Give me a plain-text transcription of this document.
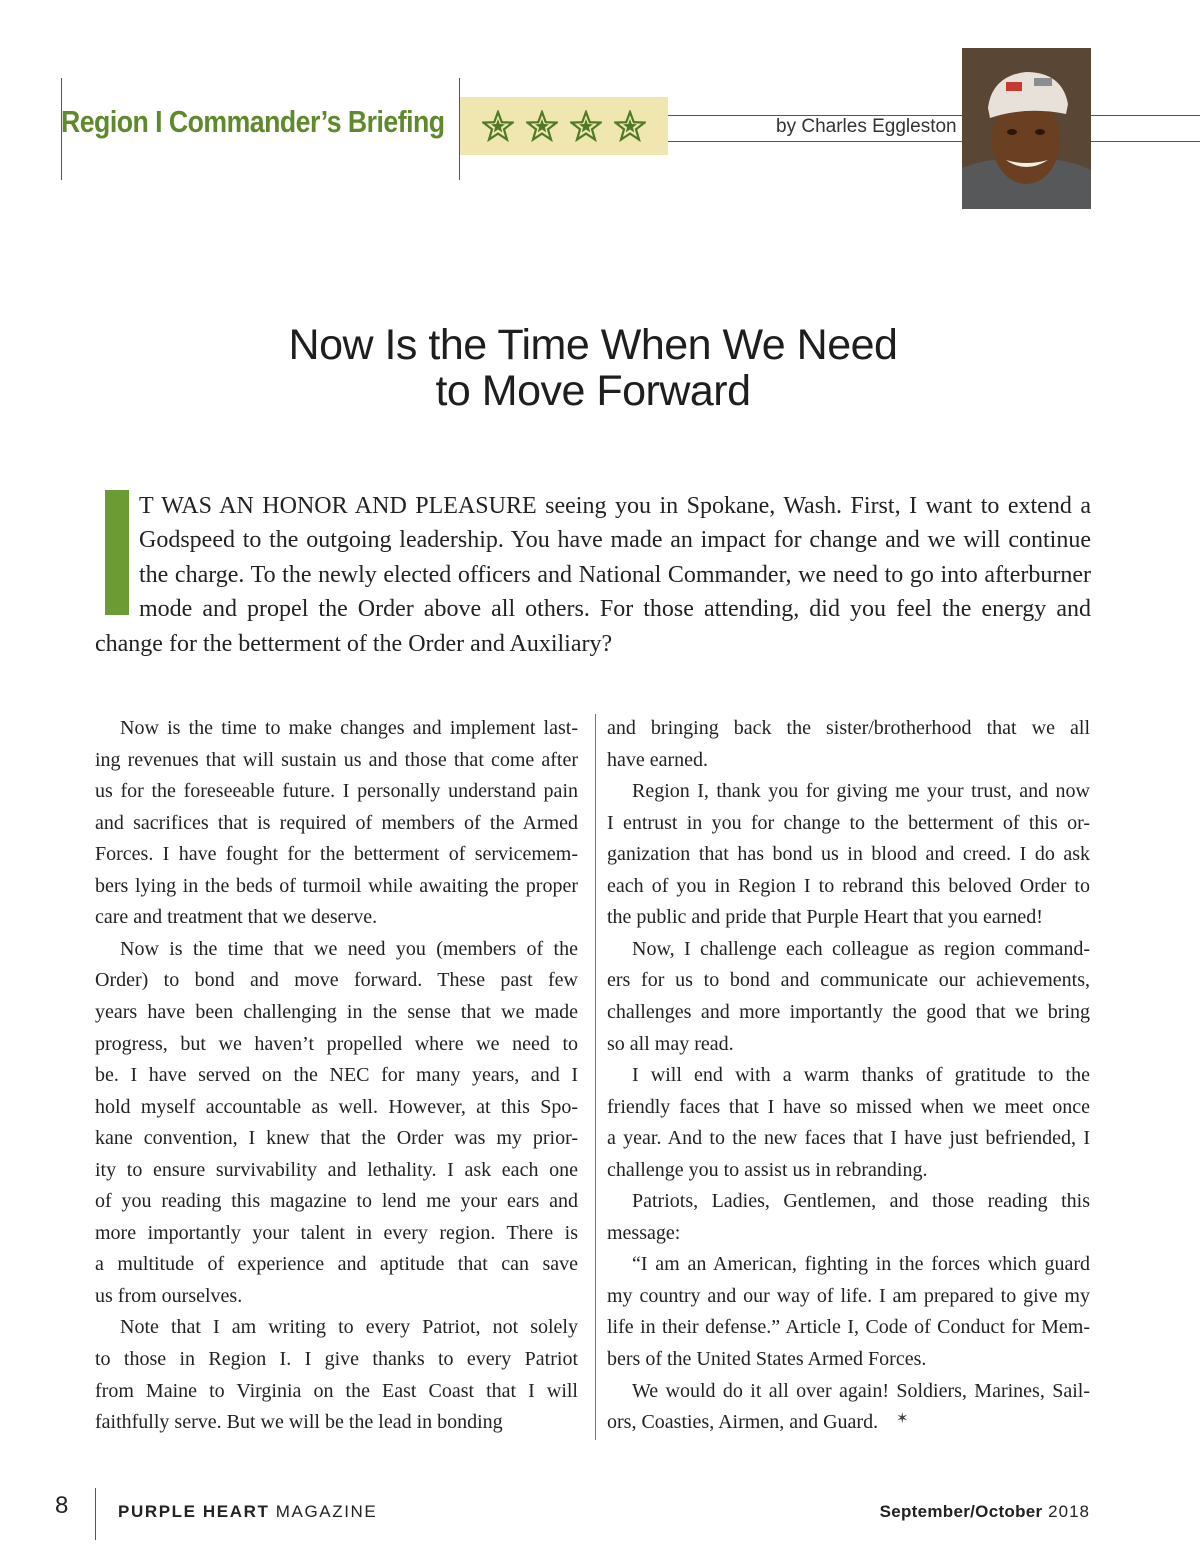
Region I Commander’s Briefing	by Charles Eggleston
Now Is the Time When We Need
to Move Forward
T WAS AN HONOR AND PLEASURE seeing you in Spokane, Wash. First, I want to extend a
Godspeed to the outgoing leadership. You have made an impact for change and we will continue
the charge. To the newly elected officers and National Commander, we need to go into afterburner
mode and propel the Order above all others. For those attending, did you feel the energy and
change for the betterment of the Order and Auxiliary?
Now is the time to make changes and implement last-
ing revenues that will sustain us and those that come after
us for the foreseeable future. I personally understand pain
and sacrifices that is required of members of the Armed
Forces. I have fought for the betterment of servicemem-
bers lying in the beds of turmoil while awaiting the proper
care and treatment that we deserve.
Now is the time that we need you (members of the
Order) to bond and move forward. These past few
years have been challenging in the sense that we made
progress, but we haven’t propelled where we need to
be. I have served on the NEC for many years, and I
hold myself accountable as well. However, at this Spo-
kane convention, I knew that the Order was my prior-
ity to ensure survivability and lethality. I ask each one
of you reading this magazine to lend me your ears and
more importantly your talent in every region. There is
a multitude of experience and aptitude that can save
us from ourselves.
Note that I am writing to every Patriot, not solely
to those in Region I. I give thanks to every Patriot
from Maine to Virginia on the East Coast that I will
faithfully serve. But we will be the lead in bonding
and bringing back the sister/brotherhood that we all
have earned.
Region I, thank you for giving me your trust, and now
I entrust in you for change to the betterment of this or-
ganization that has bond us in blood and creed. I do ask
each of you in Region I to rebrand this beloved Order to
the public and pride that Purple Heart that you earned!
Now, I challenge each colleague as region command-
ers for us to bond and communicate our achievements,
challenges and more importantly the good that we bring
so all may read.
I will end with a warm thanks of gratitude to the
friendly faces that I have so missed when we meet once
a year. And to the new faces that I have just befriended, I
challenge you to assist us in rebranding.
Patriots, Ladies, Gentlemen, and those reading this
message:
“I am an American, fighting in the forces which guard
my country and our way of life. I am prepared to give my
life in their defense.” Article I, Code of Conduct for Mem-
bers of the United States Armed Forces.
We would do it all over again! Soldiers, Marines, Sail-
ors, Coasties, Airmen, and Guard.
8	PURPLE HEART MAGAZINE	September/October 2018
✶
